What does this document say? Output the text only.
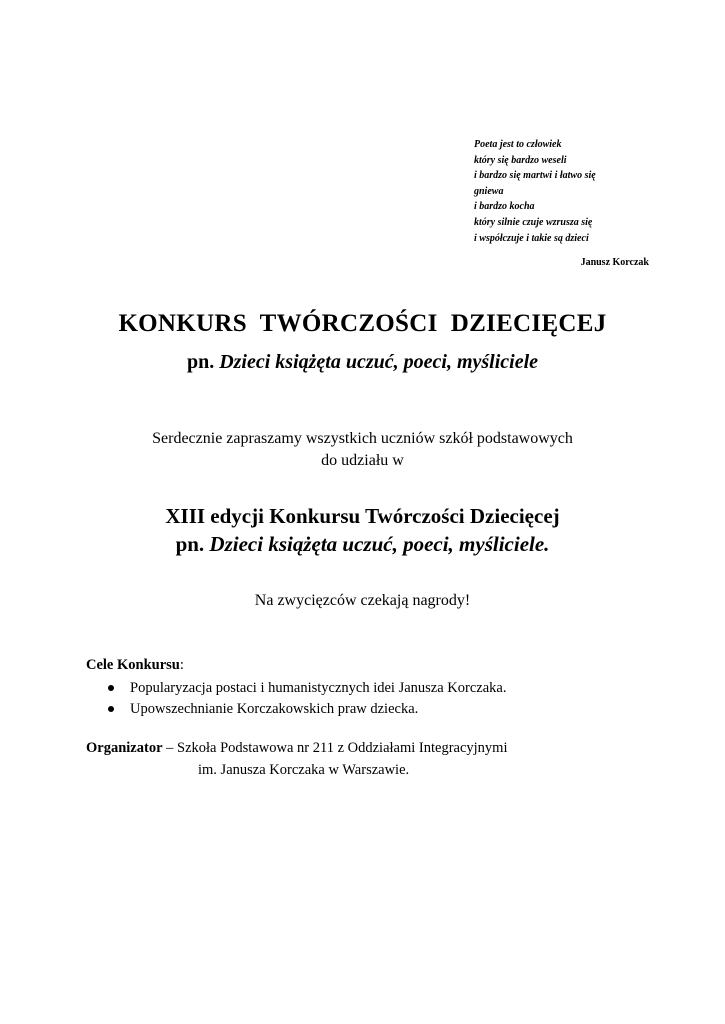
Poeta jest to człowiek
który się bardzo weseli
i bardzo się martwi i łatwo się
gniewa
i bardzo kocha
który silnie czuje wzrusza się
i współczuje i takie są dzieci
Janusz Korczak
KONKURS  TWÓRCZOŚCI  DZIECIĘCEJ
pn. Dzieci książęta uczuć, poeci, myśliciele
Serdecznie zapraszamy wszystkich uczniów szkół podstawowych
do udziału w
XIII edycji Konkursu Twórczości Dziecięcej
pn. Dzieci książęta uczuć, poeci, myśliciele.
Na zwycięzców czekają nagrody!
Cele Konkursu:
Popularyzacja postaci i humanistycznych idei Janusza Korczaka.
Upowszechnianie Korczakowskich praw dziecka.
Organizator – Szkoła Podstawowa nr 211 z Oddziałami Integracyjnymi
im. Janusza Korczaka w Warszawie.
